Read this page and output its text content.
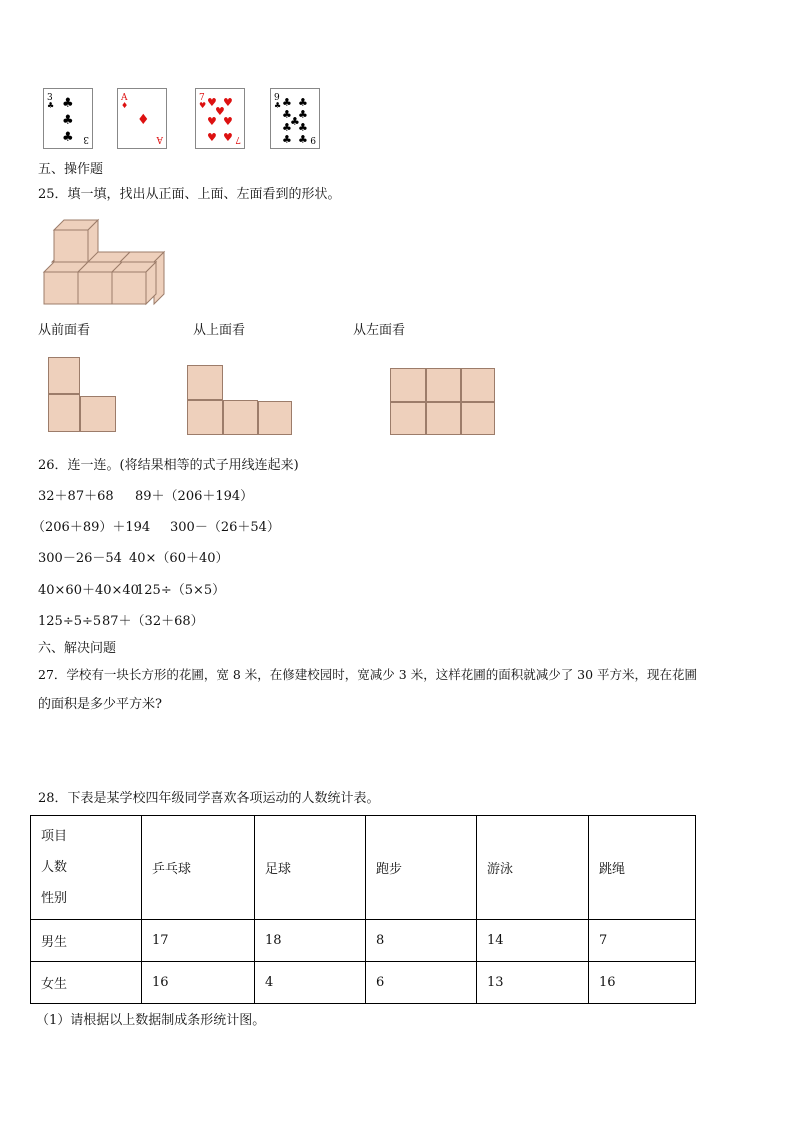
3
♣ ♣
♣
♣ 3
A
♦
♦
A
7
♥ ♥ ♥
♥
♥ ♥
♥ ♥ 7
9
♣ ♣ ♣
♣ ♣
♣
♣ ♣
♣ ♣ 9
五、操作题
25．填一填，找出从正面、上面、左面看到的形状。
从前面看	从上面看	从左面看
26．连一连。(将结果相等的式子用线连起来)
32＋87＋68 89＋（206＋194）
（206＋89）＋194 300－（26＋54）
300－26－54 40×（60＋40）
40×60＋40×40
125÷（5×5）
125÷5÷5 87＋（32＋68）
六、解决问题
27．学校有一块长方形的花圃，宽 8 米，在修建校园时，宽减少 3 米，这样花圃的面积就减少了 30 平方米，现在花圃
的面积是多少平方米?
28．下表是某学校四年级同学喜欢各项运动的人数统计表。
项目
人数
性别	乒乓球	足球	跑步	游泳	跳绳
男生	17	18	8	14	7
女生	16	4	6	13	16
（1）请根据以上数据制成条形统计图。
